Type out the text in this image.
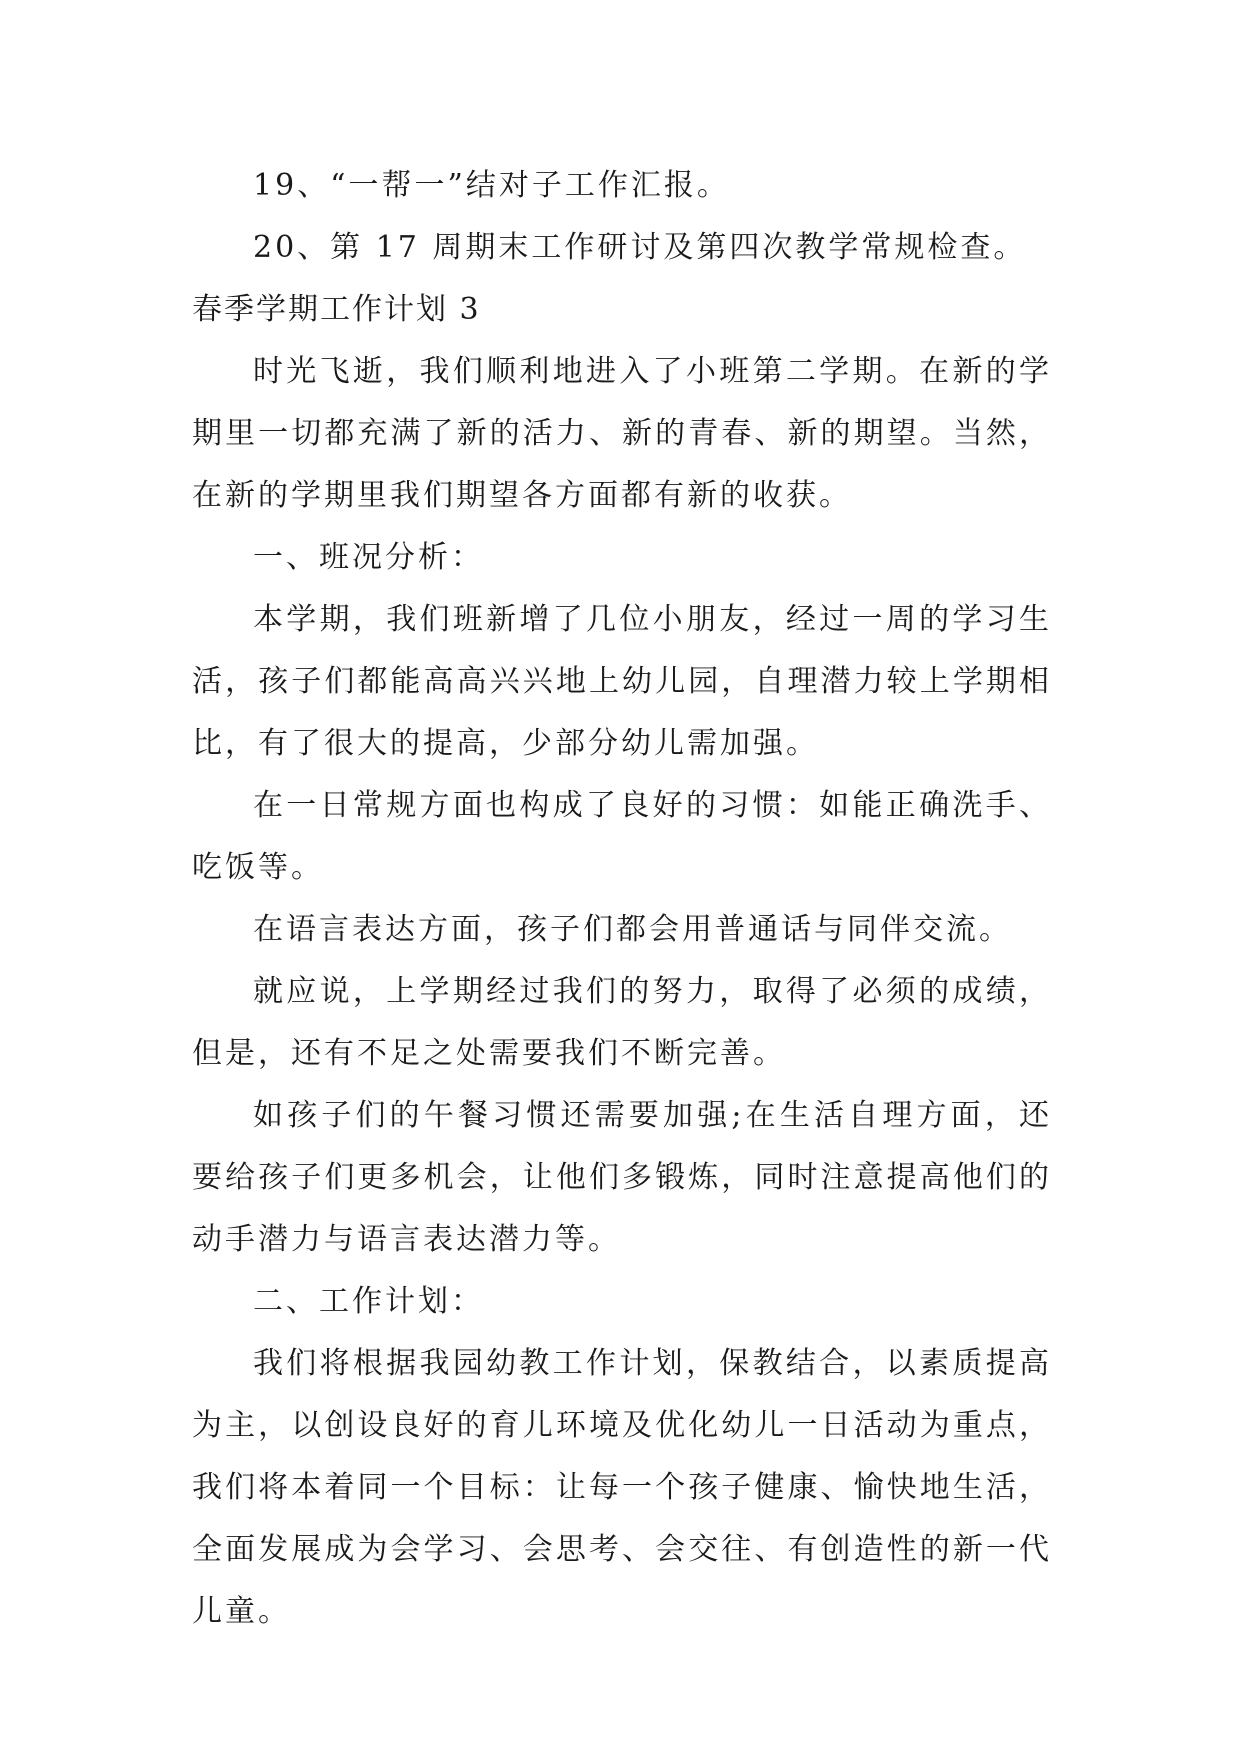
19、“一帮一”结对子工作汇报。
20、第 17 周期末工作研讨及第四次教学常规检查。
春季学期工作计划 3

时光飞逝，我们顺利地进入了小班第二学期。在新的学期里一切都充满了新的活力、新的青春、新的期望。当然，在新的学期里我们期望各方面都有新的收获。

一、班况分析：

本学期，我们班新增了几位小朋友，经过一周的学习生活，孩子们都能高高兴兴地上幼儿园，自理潜力较上学期相比，有了很大的提高，少部分幼儿需加强。

在一日常规方面也构成了良好的习惯：如能正确洗手、吃饭等。

在语言表达方面，孩子们都会用普通话与同伴交流。

就应说，上学期经过我们的努力，取得了必须的成绩，但是，还有不足之处需要我们不断完善。

如孩子们的午餐习惯还需要加强;在生活自理方面，还要给孩子们更多机会，让他们多锻炼，同时注意提高他们的动手潜力与语言表达潜力等。

二、工作计划：

我们将根据我园幼教工作计划，保教结合，以素质提高为主，以创设良好的育儿环境及优化幼儿一日活动为重点，我们将本着同一个目标：让每一个孩子健康、愉快地生活，全面发展成为会学习、会思考、会交往、有创造性的新一代儿童。
